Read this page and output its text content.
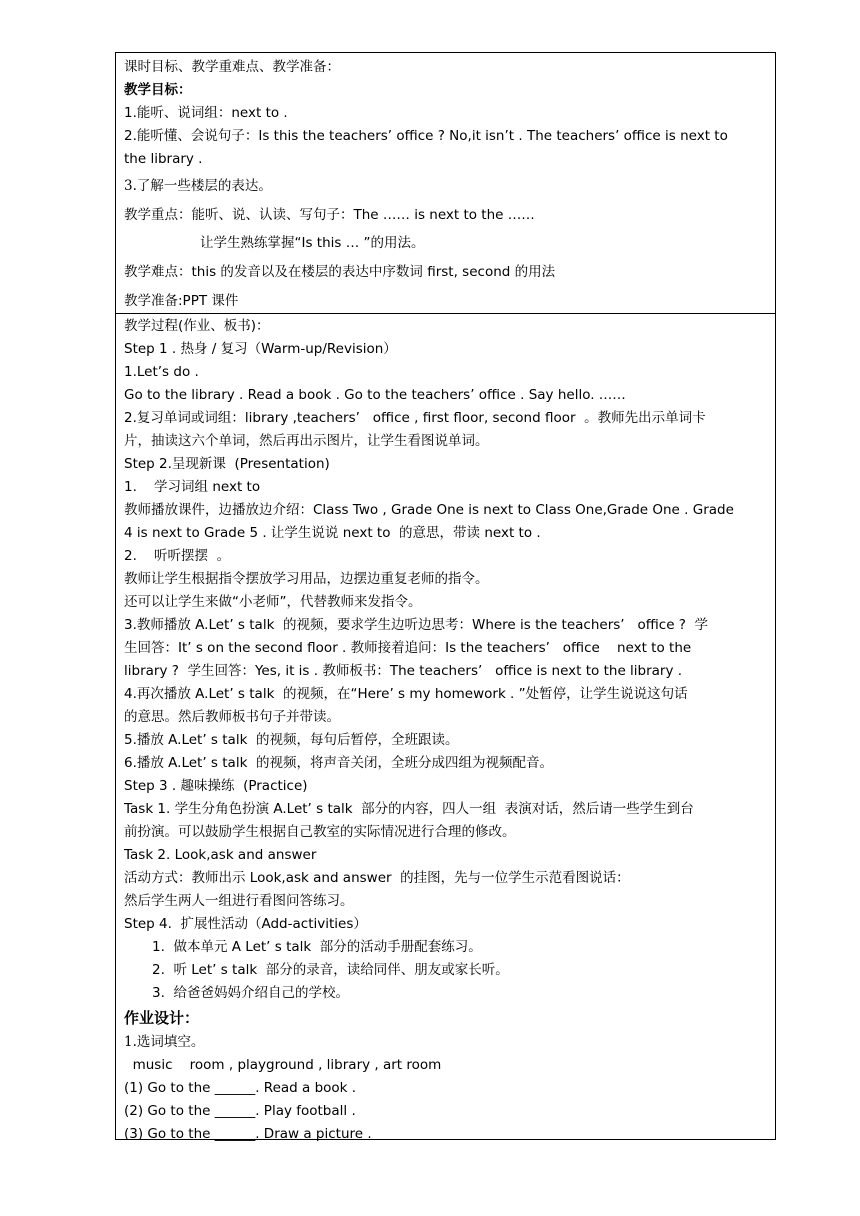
课时目标、教学重难点、教学准备：
教学目标：
1.能听、说词组：next to .
2.能听懂、会说句子：Is this the teachers’ office ? No,it isn’t . The teachers’ office is next to
the library .
3.了解一些楼层的表达。
教学重点：能听、说、认读、写句子：The …… is next to the ……
让学生熟练掌握“Is this … ”的用法。
教学难点：this 的发音以及在楼层的表达中序数词 first, second 的用法
教学准备:PPT 课件
教学过程(作业、板书)：
Step 1 . 热身 / 复习（Warm-up/Revision）
1.Let’s do .
Go to the library . Read a book . Go to the teachers’ office . Say hello. ……
2.复习单词或词组：library ,teachers’   office , first floor, second floor  。教师先出示单词卡
片，抽读这六个单词，然后再出示图片，让学生看图说单词。
Step 2.呈现新课  (Presentation)
1.    学习词组 next to
教师播放课件，边播放边介绍：Class Two , Grade One is next to Class One,Grade One . Grade
4 is next to Grade 5 . 让学生说说 next to  的意思，带读 next to .
2.    听听摆摆  。
教师让学生根据指令摆放学习用品，边摆边重复老师的指令。
还可以让学生来做“小老师”，代替教师来发指令。
3.教师播放 A.Let’ s talk  的视频，要求学生边听边思考：Where is the teachers’   office ?  学
生回答：It’ s on the second floor . 教师接着追问：Is the teachers’   office    next to the
library ?  学生回答：Yes, it is . 教师板书：The teachers’   office is next to the library .
4.再次播放 A.Let’ s talk  的视频，在“Here’ s my homework . ”处暂停，让学生说说这句话
的意思。然后教师板书句子并带读。
5.播放 A.Let’ s talk  的视频，每句后暂停，全班跟读。
6.播放 A.Let’ s talk  的视频，将声音关闭，全班分成四组为视频配音。
Step 3 . 趣味操练  (Practice)
Task 1. 学生分角色扮演 A.Let’ s talk  部分的内容，四人一组  表演对话，然后请一些学生到台
前扮演。可以鼓励学生根据自己教室的实际情况进行合理的修改。
Task 2. Look,ask and answer
活动方式：教师出示 Look,ask and answer  的挂图，先与一位学生示范看图说话：
然后学生两人一组进行看图问答练习。
Step 4.  扩展性活动（Add-activities）
1.  做本单元 A Let’ s talk  部分的活动手册配套练习。
2.  听 Let’ s talk  部分的录音，读给同伴、朋友或家长听。
3.  给爸爸妈妈介绍自己的学校。
作业设计：
1.选词填空。
music    room , playground , library , art room
(1) Go to the ______. Read a book .
(2) Go to the ______. Play football .
(3) Go to the ______. Draw a picture .
